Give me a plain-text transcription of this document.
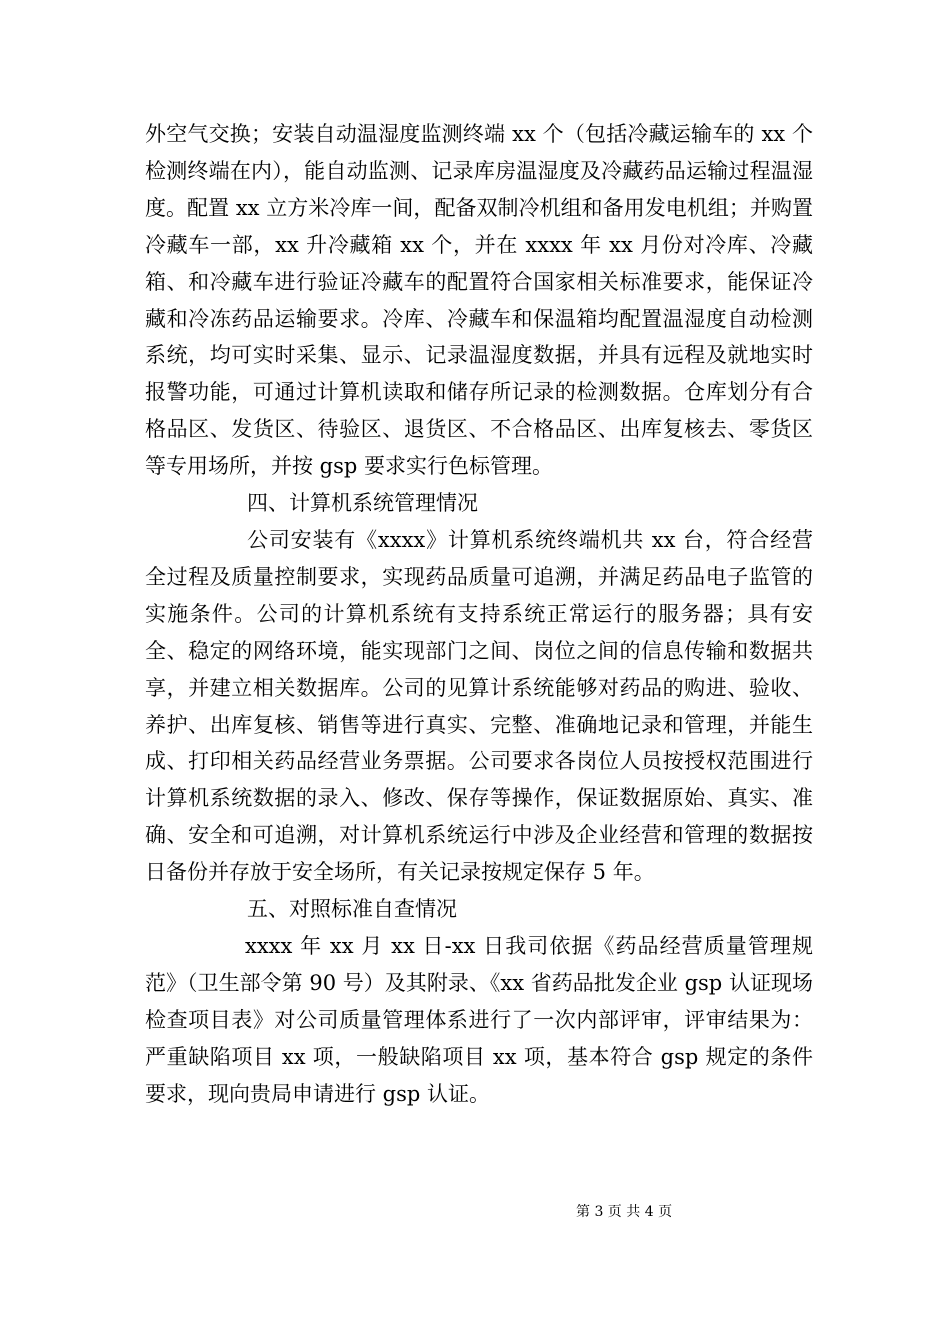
外空气交换；安装自动温湿度监测终端 xx 个（包括冷藏运输车的 xx 个检测终端在内），能自动监测、记录库房温湿度及冷藏药品运输过程温湿度。配置 xx 立方米冷库一间，配备双制冷机组和备用发电机组；并购置冷藏车一部，xx 升冷藏箱 xx 个，并在 xxxx 年 xx 月份对冷库、冷藏箱、和冷藏车进行验证冷藏车的配置符合国家相关标准要求，能保证冷藏和冷冻药品运输要求。冷库、冷藏车和保温箱均配置温湿度自动检测系统，均可实时采集、显示、记录温湿度数据，并具有远程及就地实时报警功能，可通过计算机读取和储存所记录的检测数据。仓库划分有合格品区、发货区、待验区、退货区、不合格品区、出库复核去、零货区等专用场所，并按 gsp 要求实行色标管理。

四、计算机系统管理情况

公司安装有《xxxx》计算机系统终端机共 xx 台，符合经营全过程及质量控制要求，实现药品质量可追溯，并满足药品电子监管的实施条件。公司的计算机系统有支持系统正常运行的服务器；具有安全、稳定的网络环境，能实现部门之间、岗位之间的信息传输和数据共享，并建立相关数据库。公司的见算计系统能够对药品的购进、验收、养护、出库复核、销售等进行真实、完整、准确地记录和管理，并能生成、打印相关药品经营业务票据。公司要求各岗位人员按授权范围进行计算机系统数据的录入、修改、保存等操作，保证数据原始、真实、准确、安全和可追溯，对计算机系统运行中涉及企业经营和管理的数据按日备份并存放于安全场所，有关记录按规定保存 5 年。

五、对照标准自查情况

xxxx 年 xx 月 xx 日-xx 日我司依据《药品经营质量管理规范》（卫生部令第 90 号）及其附录、《xx 省药品批发企业 gsp 认证现场检查项目表》对公司质量管理体系进行了一次内部评审，评审结果为：严重缺陷项目 xx 项，一般缺陷项目 xx 项，基本符合 gsp 规定的条件要求，现向贵局申请进行 gsp 认证。

第 3 页 共 4 页
